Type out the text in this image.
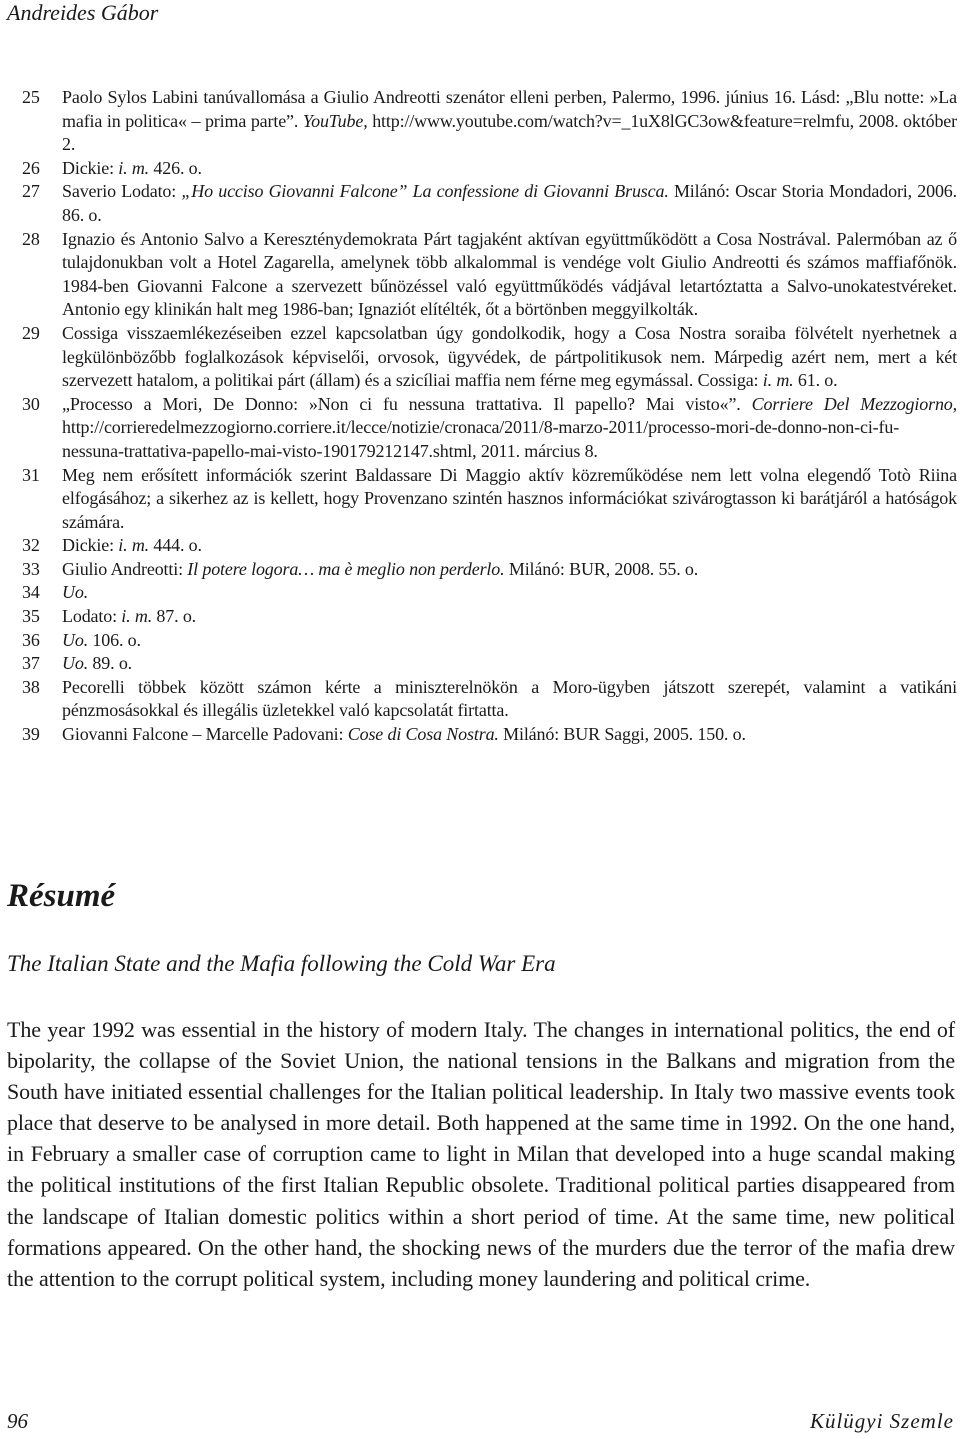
Andreides Gábor
25	Paolo Sylos Labini tanúvallomása a Giulio Andreotti szenátor elleni perben, Palermo, 1996. június 16. Lásd: „Blu notte: »La mafia in politica« – prima parte”. YouTube, http://www.youtube.com/watch?v=_1uX8lGC3ow&feature=relmfu, 2008. október 2.
26	Dickie: i. m. 426. o.
27	Saverio Lodato: „Ho ucciso Giovanni Falcone” La confessione di Giovanni Brusca. Milánó: Oscar Storia Mondadori, 2006. 86. o.
28	Ignazio és Antonio Salvo a Kereszténydemokrata Párt tagjaként aktívan együttműködött a Cosa Nostrával. Palermóban az ő tulajdonukban volt a Hotel Zagarella, amelynek több alkalommal is vendége volt Giulio Andreotti és számos maffiafőnök. 1984-ben Giovanni Falcone a szervezett bűnözéssel való együttműködés vádjával letartóztatta a Salvo-unokatestvéreket. Antonio egy klinikán halt meg 1986-ban; Ignaziót elítélték, őt a börtönben meggyilkolták.
29	Cossiga visszaemlékezéseiben ezzel kapcsolatban úgy gondolkodik, hogy a Cosa Nostra soraiba fölvételt nyerhetnek a legkülönbözőbb foglalkozások képviselői, orvosok, ügyvédek, de pártpolitikusok nem. Márpedig azért nem, mert a két szervezett hatalom, a politikai párt (állam) és a szicíliai maffia nem férne meg egymással. Cossiga: i. m. 61. o.
30	„Processo a Mori, De Donno: »Non ci fu nessuna trattativa. Il papello? Mai visto«”. Corriere Del Mezzogiorno, http://corrieredelmezzogiorno.corriere.it/lecce/notizie/cronaca/2011/8-marzo-2011/processo-mori-de-donno-non-ci-fu-nessuna-trattativa-papello-mai-visto-190179212147.shtml, 2011. március 8.
31	Meg nem erősített információk szerint Baldassare Di Maggio aktív közreműködése nem lett volna elegendő Totò Riina elfogásához; a sikerhez az is kellett, hogy Provenzano szintén hasznos információkat szivárogtasson ki barátjáról a hatóságok számára.
32	Dickie: i. m. 444. o.
33	Giulio Andreotti: Il potere logora… ma è meglio non perderlo. Milánó: BUR, 2008. 55. o.
34	Uo.
35	Lodato: i. m. 87. o.
36	Uo. 106. o.
37	Uo. 89. o.
38	Pecorelli többek között számon kérte a miniszterelnökön a Moro-ügyben játszott szerepét, valamint a vatikáni pénzmosásokkal és illegális üzletekkel való kapcsolatát firtatta.
39	Giovanni Falcone – Marcelle Padovani: Cose di Cosa Nostra. Milánó: BUR Saggi, 2005. 150. o.
Résumé
The Italian State and the Mafia following the Cold War Era
The year 1992 was essential in the history of modern Italy. The changes in international politics, the end of bipolarity, the collapse of the Soviet Union, the national tensions in the Balkans and migration from the South have initiated essential challenges for the Italian political leadership. In Italy two massive events took place that deserve to be analysed in more detail. Both happened at the same time in 1992. On the one hand, in February a smaller case of corruption came to light in Milan that developed into a huge scandal making the political institutions of the first Italian Republic obsolete. Traditional political parties disappeared from the landscape of Italian domestic politics within a short period of time. At the same time, new political formations appeared. On the other hand, the shocking news of the murders due the terror of the mafia drew the attention to the corrupt political system, including money laundering and political crime.
96	Külügyi Szemle
